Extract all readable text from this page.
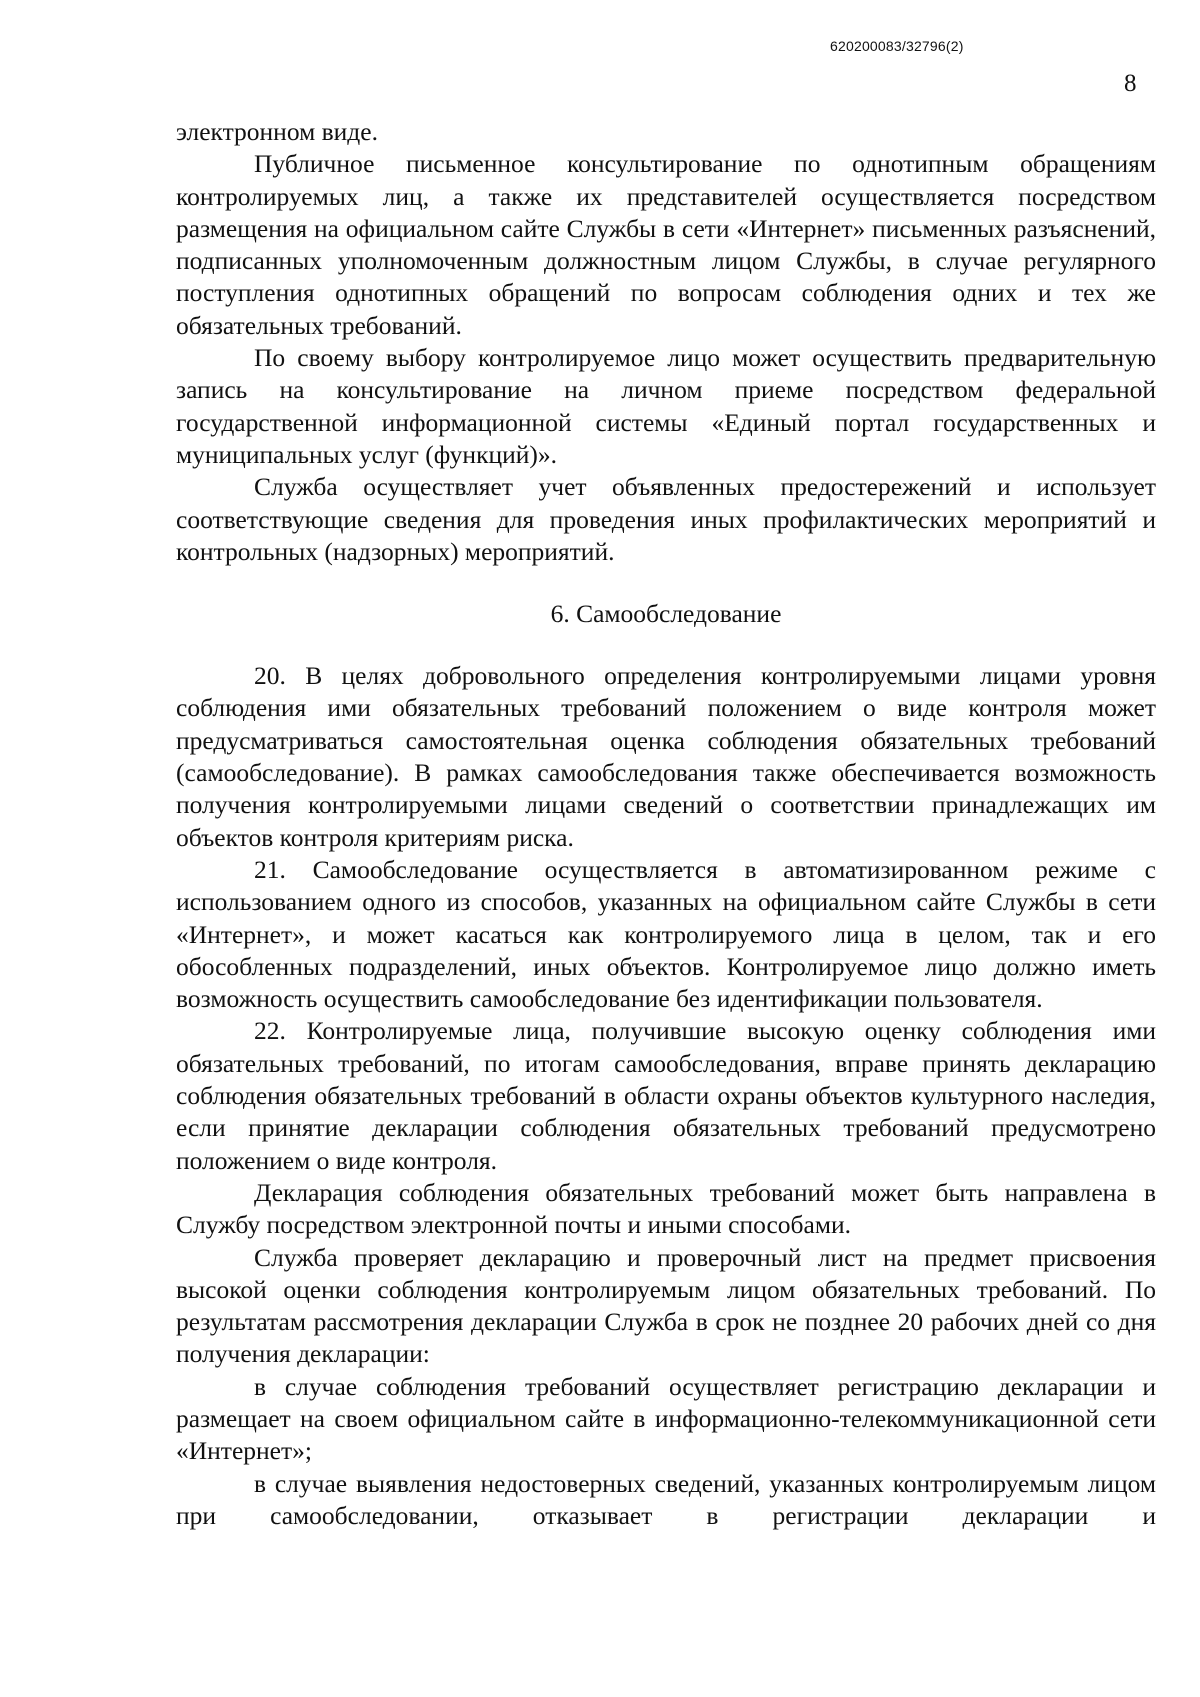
620200083/32796(2)
8

электронном виде.

Публичное письменное консультирование по однотипным обращениям контролируемых лиц, а также их представителей осуществляется посредством размещения на официальном сайте Службы в сети «Интернет» письменных разъяснений, подписанных уполномоченным должностным лицом Службы, в случае регулярного поступления однотипных обращений по вопросам соблюдения одних и тех же обязательных требований.

По своему выбору контролируемое лицо может осуществить предварительную запись на консультирование на личном приеме посредством федеральной государственной информационной системы «Единый портал государственных и муниципальных услуг (функций)».

Служба осуществляет учет объявленных предостережений и использует соответствующие сведения для проведения иных профилактических мероприятий и контрольных (надзорных) мероприятий.

6. Самообследование

20. В целях добровольного определения контролируемыми лицами уровня соблюдения ими обязательных требований положением о виде контроля может предусматриваться самостоятельная оценка соблюдения обязательных требований (самообследование). В рамках самообследования также обеспечивается возможность получения контролируемыми лицами сведений о соответствии принадлежащих им объектов контроля критериям риска.

21. Самообследование осуществляется в автоматизированном режиме с использованием одного из способов, указанных на официальном сайте Службы в сети «Интернет», и может касаться как контролируемого лица в целом, так и его обособленных подразделений, иных объектов. Контролируемое лицо должно иметь возможность осуществить самообследование без идентификации пользователя.

22. Контролируемые лица, получившие высокую оценку соблюдения ими обязательных требований, по итогам самообследования, вправе принять декларацию соблюдения обязательных требований в области охраны объектов культурного наследия, если принятие декларации соблюдения обязательных требований предусмотрено положением о виде контроля.

Декларация соблюдения обязательных требований может быть направлена в Службу посредством электронной почты и иными способами.

Служба проверяет декларацию и проверочный лист на предмет присвоения высокой оценки соблюдения контролируемым лицом обязательных требований. По результатам рассмотрения декларации Служба в срок не позднее 20 рабочих дней со дня получения декларации:

в случае соблюдения требований осуществляет регистрацию декларации и размещает на своем официальном сайте в информационно-телекоммуникационной сети «Интернет»;

в случае выявления недостоверных сведений, указанных контролируемым лицом при самообследовании, отказывает в регистрации декларации и
